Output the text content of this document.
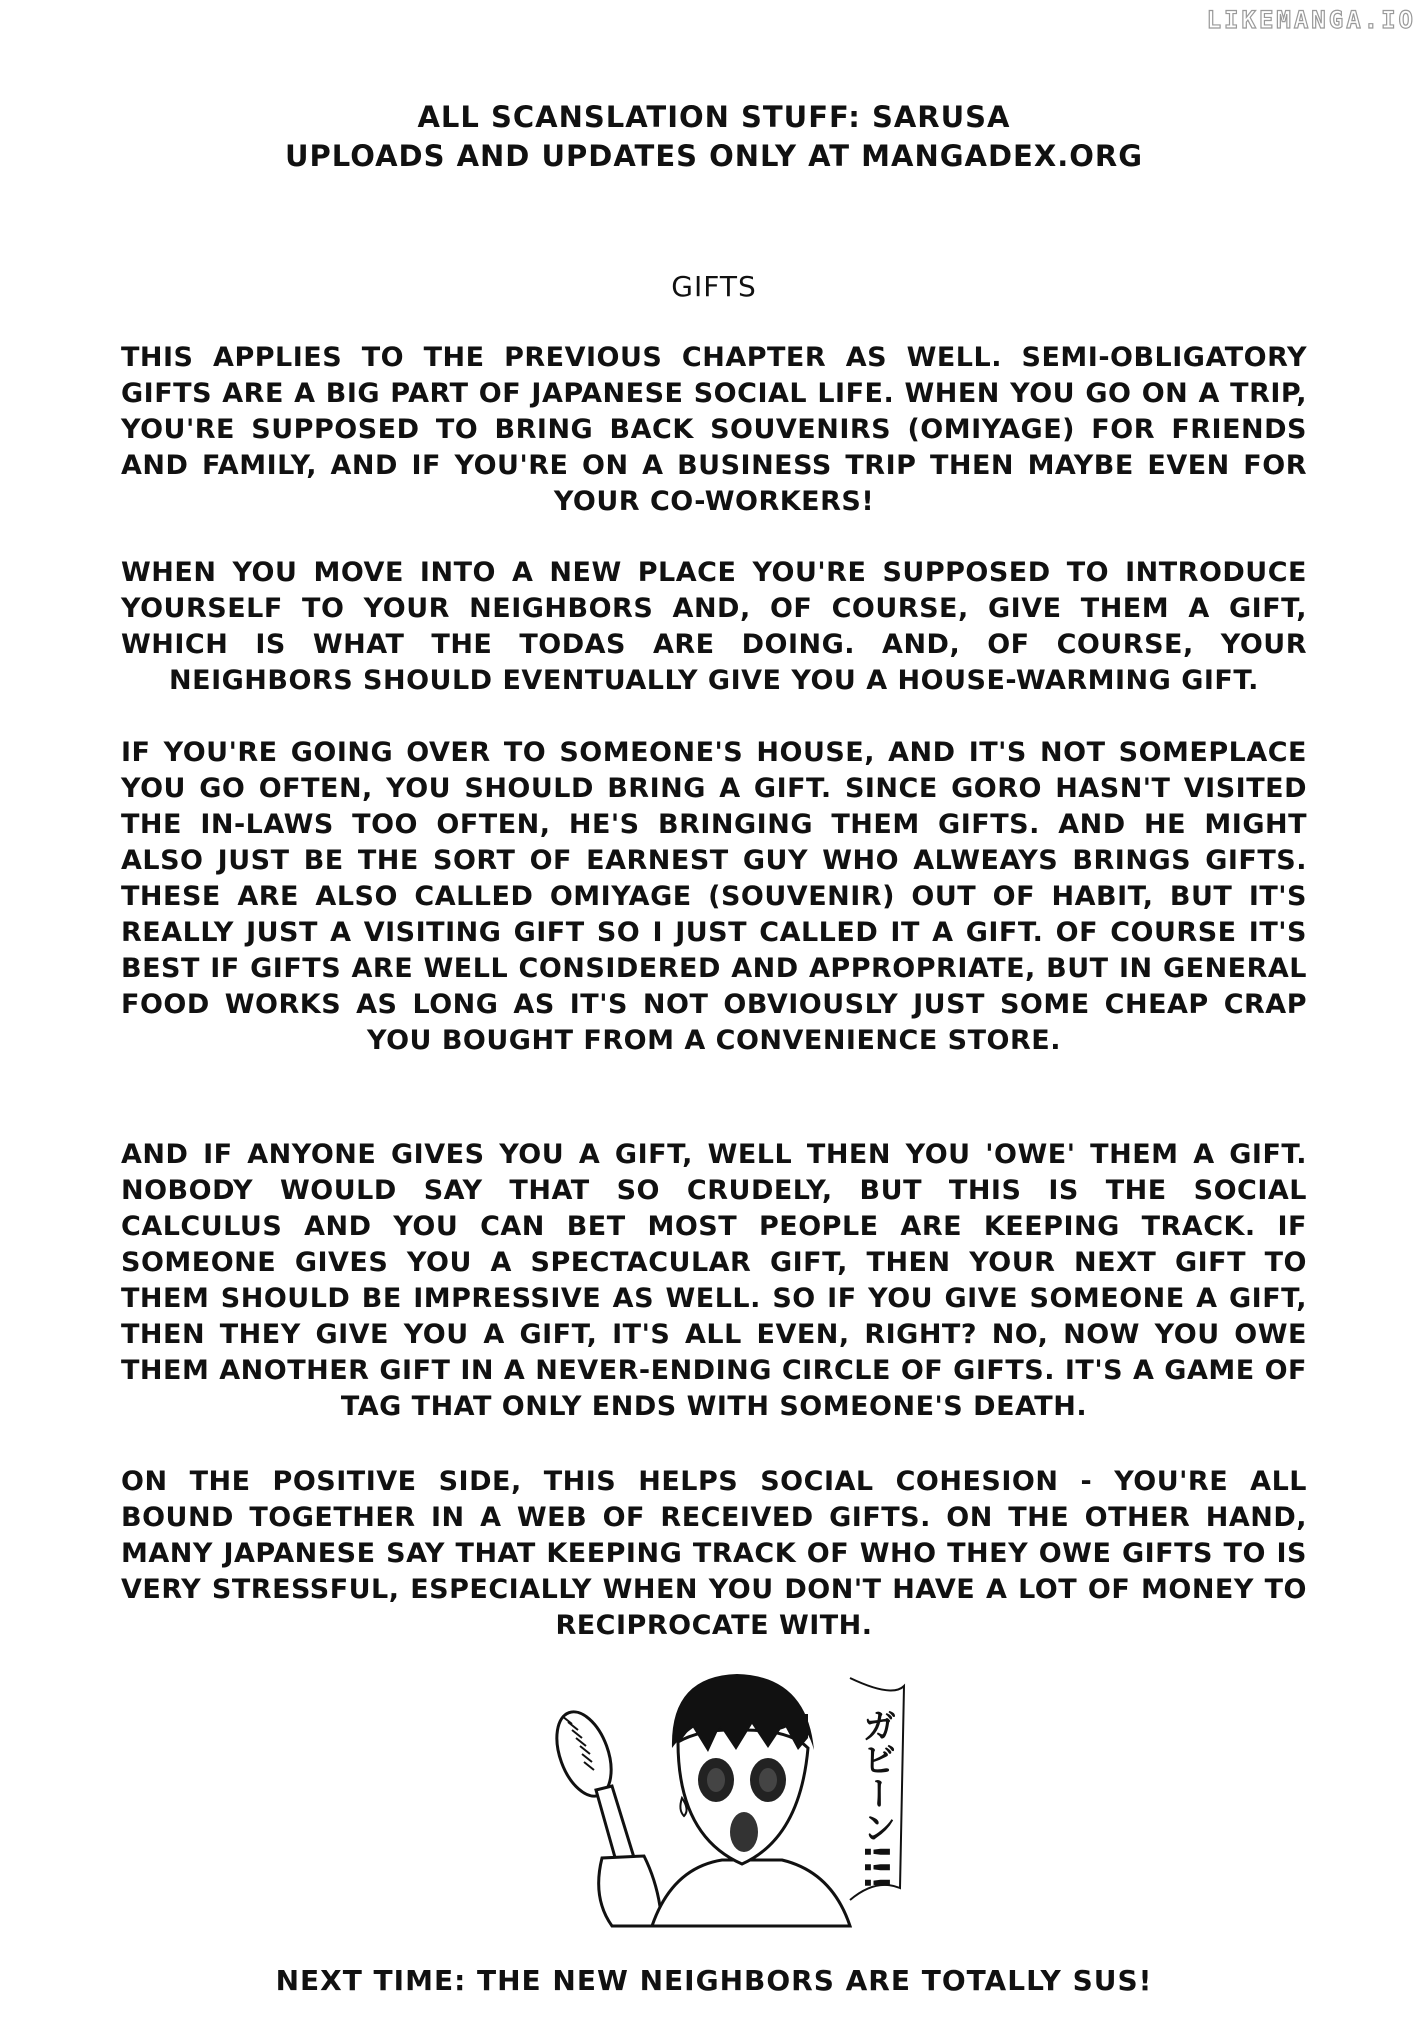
LIKEMANGA.IO
ALL SCANSLATION STUFF: SARUSA
UPLOADS AND UPDATES ONLY AT MANGADEX.ORG
GIFTS

THIS APPLIES TO THE PREVIOUS CHAPTER AS WELL. SEMI-OBLIGATORY GIFTS ARE A BIG PART OF JAPANESE SOCIAL LIFE. WHEN YOU GO ON A TRIP, YOU'RE SUPPOSED TO BRING BACK SOUVENIRS (OMIYAGE) FOR FRIENDS AND FAMILY, AND IF YOU'RE ON A BUSINESS TRIP THEN MAYBE EVEN FOR YOUR CO-WORKERS!

WHEN YOU MOVE INTO A NEW PLACE YOU'RE SUPPOSED TO INTRODUCE YOURSELF TO YOUR NEIGHBORS AND, OF COURSE, GIVE THEM A GIFT, WHICH IS WHAT THE TODAS ARE DOING. AND, OF COURSE, YOUR NEIGHBORS SHOULD EVENTUALLY GIVE YOU A HOUSE-WARMING GIFT.

IF YOU'RE GOING OVER TO SOMEONE'S HOUSE, AND IT'S NOT SOMEPLACE YOU GO OFTEN, YOU SHOULD BRING A GIFT. SINCE GORO HASN'T VISITED THE IN-LAWS TOO OFTEN, HE'S BRINGING THEM GIFTS. AND HE MIGHT ALSO JUST BE THE SORT OF EARNEST GUY WHO ALWEAYS BRINGS GIFTS. THESE ARE ALSO CALLED OMIYAGE (SOUVENIR) OUT OF HABIT, BUT IT'S REALLY JUST A VISITING GIFT SO I JUST CALLED IT A GIFT. OF COURSE IT'S BEST IF GIFTS ARE WELL CONSIDERED AND APPROPRIATE, BUT IN GENERAL FOOD WORKS AS LONG AS IT'S NOT OBVIOUSLY JUST SOME CHEAP CRAP YOU BOUGHT FROM A CONVENIENCE STORE.

AND IF ANYONE GIVES YOU A GIFT, WELL THEN YOU 'OWE' THEM A GIFT. NOBODY WOULD SAY THAT SO CRUDELY, BUT THIS IS THE SOCIAL CALCULUS AND YOU CAN BET MOST PEOPLE ARE KEEPING TRACK. IF SOMEONE GIVES YOU A SPECTACULAR GIFT, THEN YOUR NEXT GIFT TO THEM SHOULD BE IMPRESSIVE AS WELL. SO IF YOU GIVE SOMEONE A GIFT, THEN THEY GIVE YOU A GIFT, IT'S ALL EVEN, RIGHT? NO, NOW YOU OWE THEM ANOTHER GIFT IN A NEVER-ENDING CIRCLE OF GIFTS. IT'S A GAME OF TAG THAT ONLY ENDS WITH SOMEONE'S DEATH.

ON THE POSITIVE SIDE, THIS HELPS SOCIAL COHESION - YOU'RE ALL BOUND TOGETHER IN A WEB OF RECEIVED GIFTS. ON THE OTHER HAND, MANY JAPANESE SAY THAT KEEPING TRACK OF WHO THEY OWE GIFTS TO IS VERY STRESSFUL, ESPECIALLY WHEN YOU DON'T HAVE A LOT OF MONEY TO RECIPROCATE WITH.

ガビーン!!!
NEXT TIME: THE NEW NEIGHBORS ARE TOTALLY SUS!
